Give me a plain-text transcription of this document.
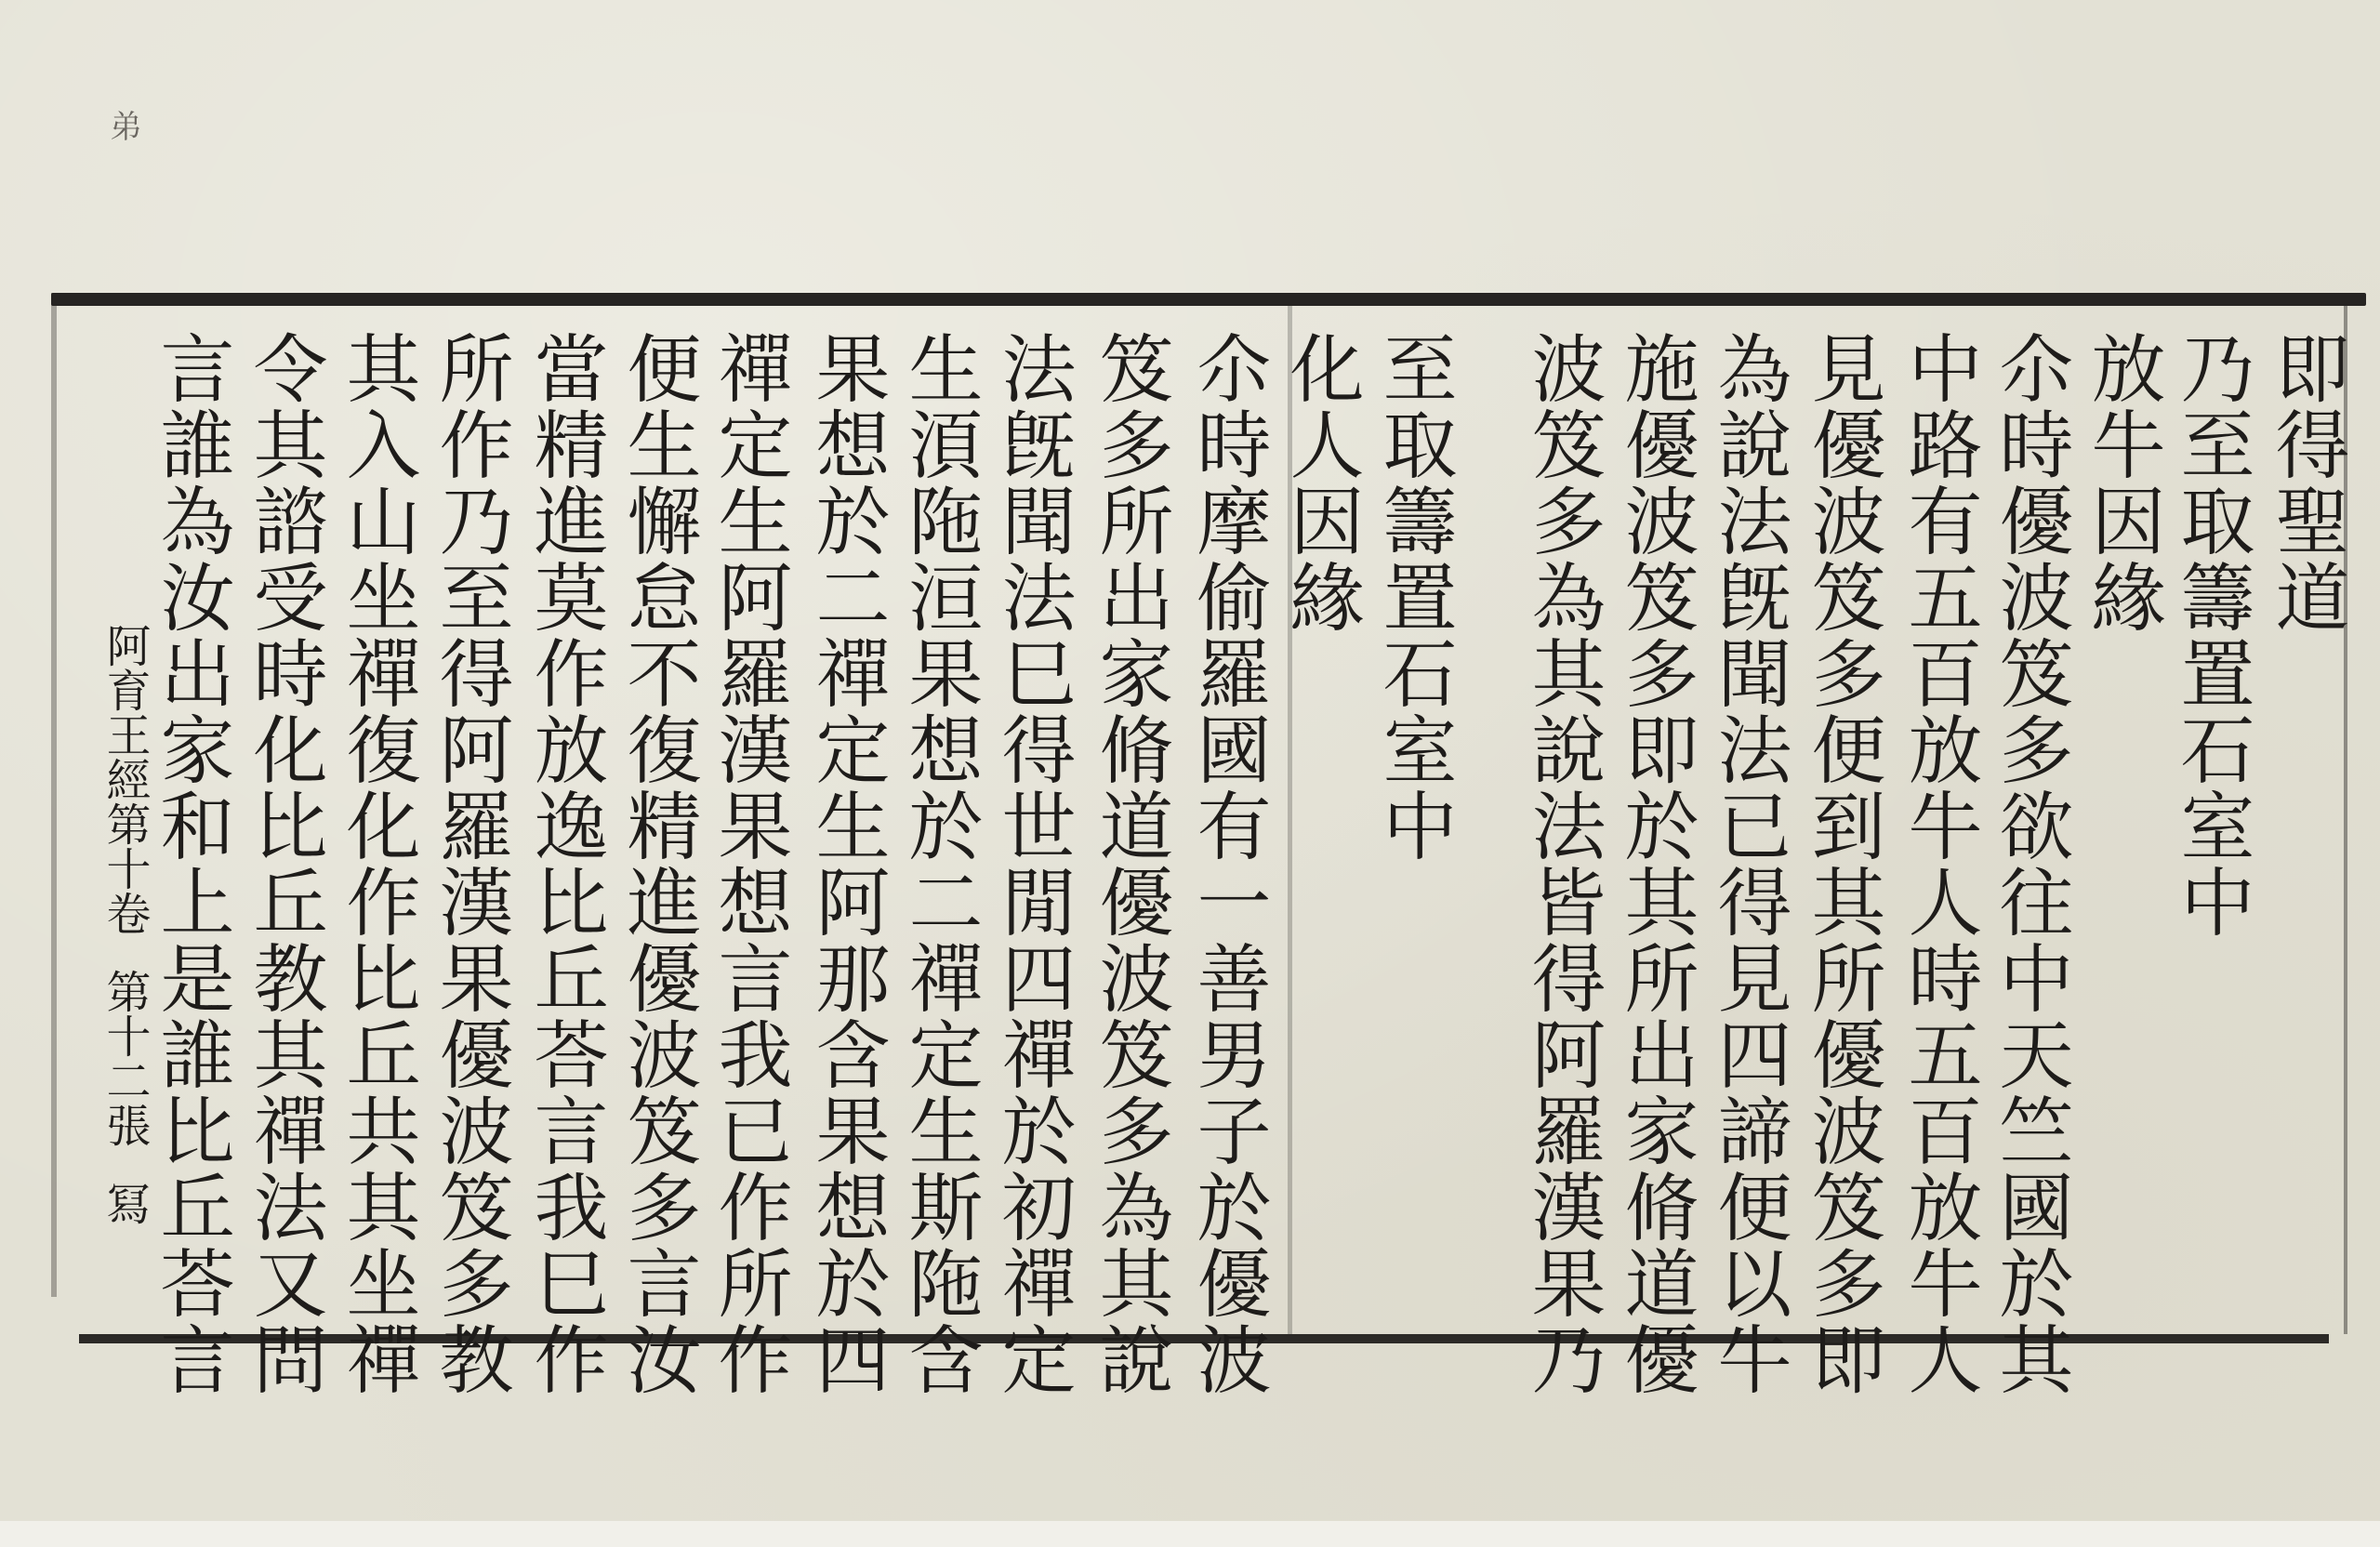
弟
即得聖道
乃至取籌置石室中
放牛因緣
尒時優波笈多欲往中天竺國於其
中路有五百放牛人時五百放牛人
見優波笈多便到其所優波笈多即
為說法旣聞法已得見四諦便以牛
施優波笈多即於其所出家脩道優
波笈多為其說法皆得阿羅漢果乃
至取籌置石室中
化人因緣
尒時摩偷羅國有一善男子於優波
笈多所出家脩道優波笈多為其說
法旣聞法巳得世閒四禪於初禪定
生湏陁洹果想於二禪定生斯陁含
果想於二禪定生阿那含果想於四
禪定生阿羅漢果想言我已作所作
便生懈怠不復精進優波笈多言汝
當精進莫作放逸比丘荅言我巳作
所作乃至得阿羅漢果優波笈多教
其入山坐禪復化作比丘共其坐禪
令其諮受時化比丘教其禪法又問
言誰為汝出家和上是誰比丘荅言
阿育王經第十卷第十二張冩
